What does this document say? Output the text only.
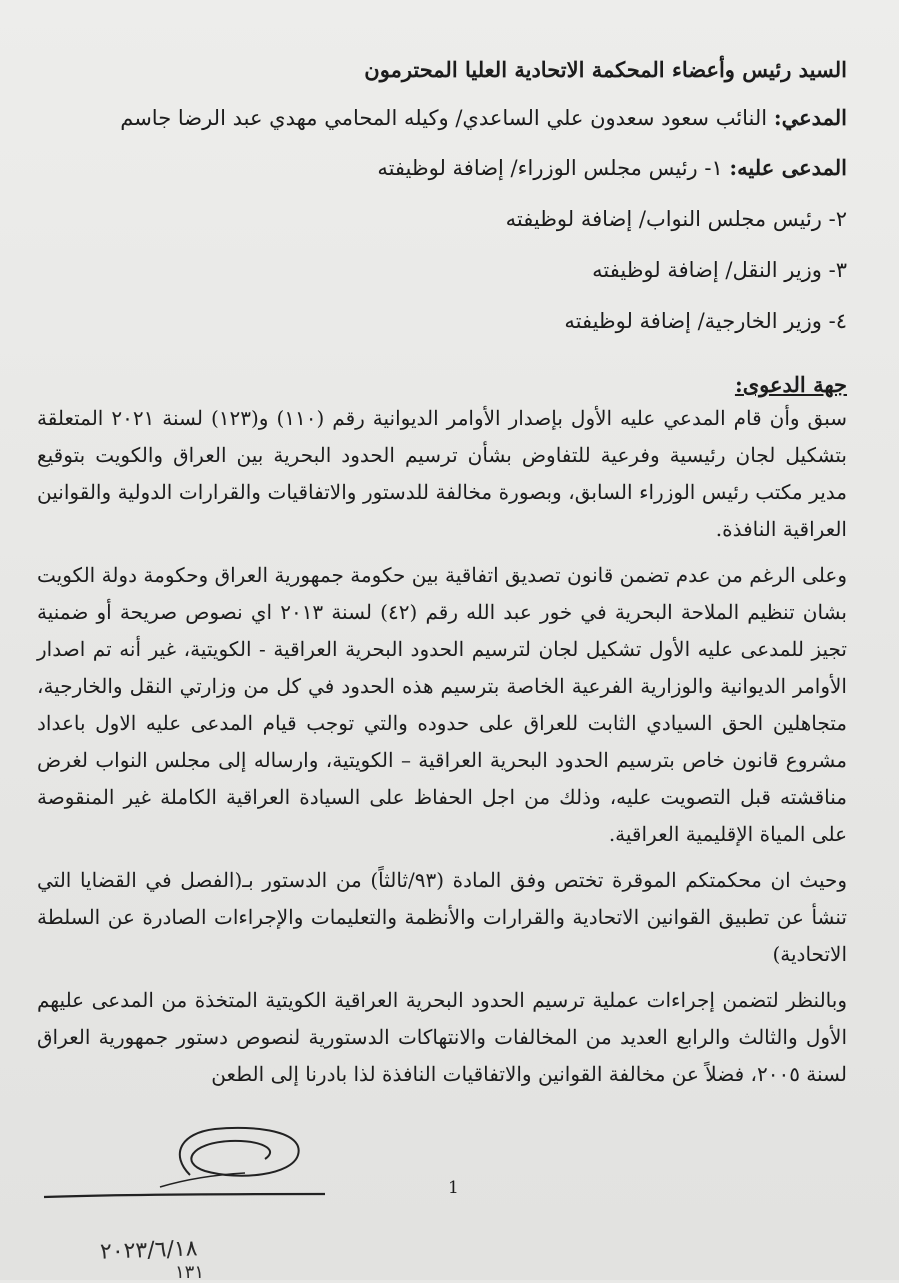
السيد رئيس وأعضاء المحكمة الاتحادية العليا المحترمون
المدعي: النائب سعود سعدون علي الساعدي/ وكيله المحامي مهدي عبد الرضا جاسم
المدعى عليه: ١- رئيس مجلس الوزراء/ إضافة لوظيفته
٢- رئيس مجلس النواب/ إضافة لوظيفته
٣- وزير النقل/ إضافة لوظيفته
٤- وزير الخارجية/ إضافة لوظيفته
جهة الدعوى:
سبق وأن قام المدعي عليه الأول بإصدار الأوامر الديوانية رقم (١١٠) و(١٢٣) لسنة ٢٠٢١ المتعلقة بتشكيل لجان رئيسية وفرعية للتفاوض بشأن ترسيم الحدود البحرية بين العراق والكويت بتوقيع مدير مكتب رئيس الوزراء السابق، وبصورة مخالفة للدستور والاتفاقيات والقرارات الدولية والقوانين العراقية النافذة.
وعلى الرغم من عدم تضمن قانون تصديق اتفاقية بين حكومة جمهورية العراق وحكومة دولة الكويت بشان تنظيم الملاحة البحرية في خور عبد الله رقم (٤٢) لسنة ٢٠١٣ اي نصوص صريحة أو ضمنية تجيز للمدعى عليه الأول تشكيل لجان لترسيم الحدود البحرية العراقية - الكويتية، غير أنه تم اصدار الأوامر الديوانية والوزارية الفرعية الخاصة بترسيم هذه الحدود في كل من وزارتي النقل والخارجية، متجاهلين الحق السيادي الثابت للعراق على حدوده والتي توجب قيام المدعى عليه الاول باعداد مشروع قانون خاص بترسيم الحدود البحرية العراقية – الكويتية، وارساله إلى مجلس النواب لغرض مناقشته قبل التصويت عليه، وذلك من اجل الحفاظ على السيادة العراقية الكاملة غير المنقوصة على المياة الإقليمية العراقية.
وحيث ان محكمتكم الموقرة تختص وفق المادة (٩٣/ثالثاً) من الدستور بـ(الفصل في القضايا التي تنشأ عن تطبيق القوانين الاتحادية والقرارات والأنظمة والتعليمات والإجراءات الصادرة عن السلطة الاتحادية)
وبالنظر لتضمن إجراءات عملية ترسيم الحدود البحرية العراقية الكويتية المتخذة من المدعى عليهم الأول والثالث والرابع العديد من المخالفات والانتهاكات الدستورية لنصوص دستور جمهورية العراق لسنة ٢٠٠٥، فضلاً عن مخالفة القوانين والاتفاقيات النافذة لذا بادرنا إلى الطعن
1
٢٠٢٣/٦/١٨
١٣١
